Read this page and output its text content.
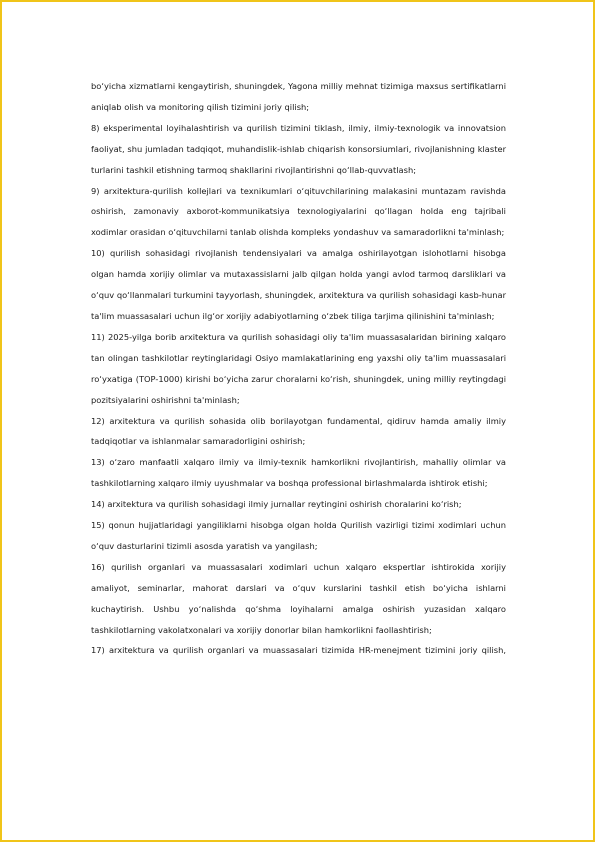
bo‘yicha xizmatlarni kengaytirish, shuningdek, Yagona milliy mehnat tizimiga maxsus sertifikatlarni aniqlab olish va monitoring qilish tizimini joriy qilish;

8) eksperimental loyihalashtirish va qurilish tizimini tiklash, ilmiy, ilmiy-texnologik va innovatsion faoliyat, shu jumladan tadqiqot, muhandislik-ishlab chiqarish konsorsiumlari, rivojlanishning klaster turlarini tashkil etishning tarmoq shakllarini rivojlantirishni qo‘llab-quvvatlash;

9) arxitektura-qurilish kollejlari va texnikumlari o‘qituvchilarining malakasini muntazam ravishda oshirish, zamonaviy axborot-kommunikatsiya texnologiyalarini qo‘llagan holda eng tajribali xodimlar orasidan o‘qituvchilarni tanlab olishda kompleks yondashuv va samaradorlikni ta'minlash;

10) qurilish sohasidagi rivojlanish tendensiyalari va amalga oshirilayotgan islohotlarni hisobga olgan hamda xorijiy olimlar va mutaxassislarni jalb qilgan holda yangi avlod tarmoq darsliklari va o‘quv qo‘llanmalari turkumini tayyorlash, shuningdek, arxitektura va qurilish sohasidagi kasb-hunar ta'lim muassasalari uchun ilg‘or xorijiy adabiyotlarning o‘zbek tiliga tarjima qilinishini ta'minlash;

11) 2025-yilga borib arxitektura va qurilish sohasidagi oliy ta'lim muassasalaridan birining xalqaro tan olingan tashkilotlar reytinglaridagi Osiyo mamlakatlarining eng yaxshi oliy ta'lim muassasalari ro‘yxatiga (TOP-1000) kirishi bo‘yicha zarur choralarni ko‘rish, shuningdek, uning milliy reytingdagi pozitsiyalarini oshirishni ta'minlash;

12) arxitektura va qurilish sohasida olib borilayotgan fundamental, qidiruv hamda amaliy ilmiy tadqiqotlar va ishlanmalar samaradorligini oshirish;

13) o‘zaro manfaatli xalqaro ilmiy va ilmiy-texnik hamkorlikni rivojlantirish, mahalliy olimlar va tashkilotlarning xalqaro ilmiy uyushmalar va boshqa professional birlashmalarda ishtirok etishi;

14) arxitektura va qurilish sohasidagi ilmiy jurnallar reytingini oshirish choralarini ko‘rish;

15) qonun hujjatlaridagi yangiliklarni hisobga olgan holda Qurilish vazirligi tizimi xodimlari uchun o‘quv dasturlarini tizimli asosda yaratish va yangilash;

16) qurilish organlari va muassasalari xodimlari uchun xalqaro ekspertlar ishtirokida xorijiy amaliyot, seminarlar, mahorat darslari va o‘quv kurslarini tashkil etish bo‘yicha ishlarni kuchaytirish. Ushbu yo‘nalishda qo‘shma loyihalarni amalga oshirish yuzasidan xalqaro tashkilotlarning vakolatxonalari va xorijiy donorlar bilan hamkorlikni faollashtirish;

17) arxitektura va qurilish organlari va muassasalari tizimida HR-menejment tizimini joriy qilish,
